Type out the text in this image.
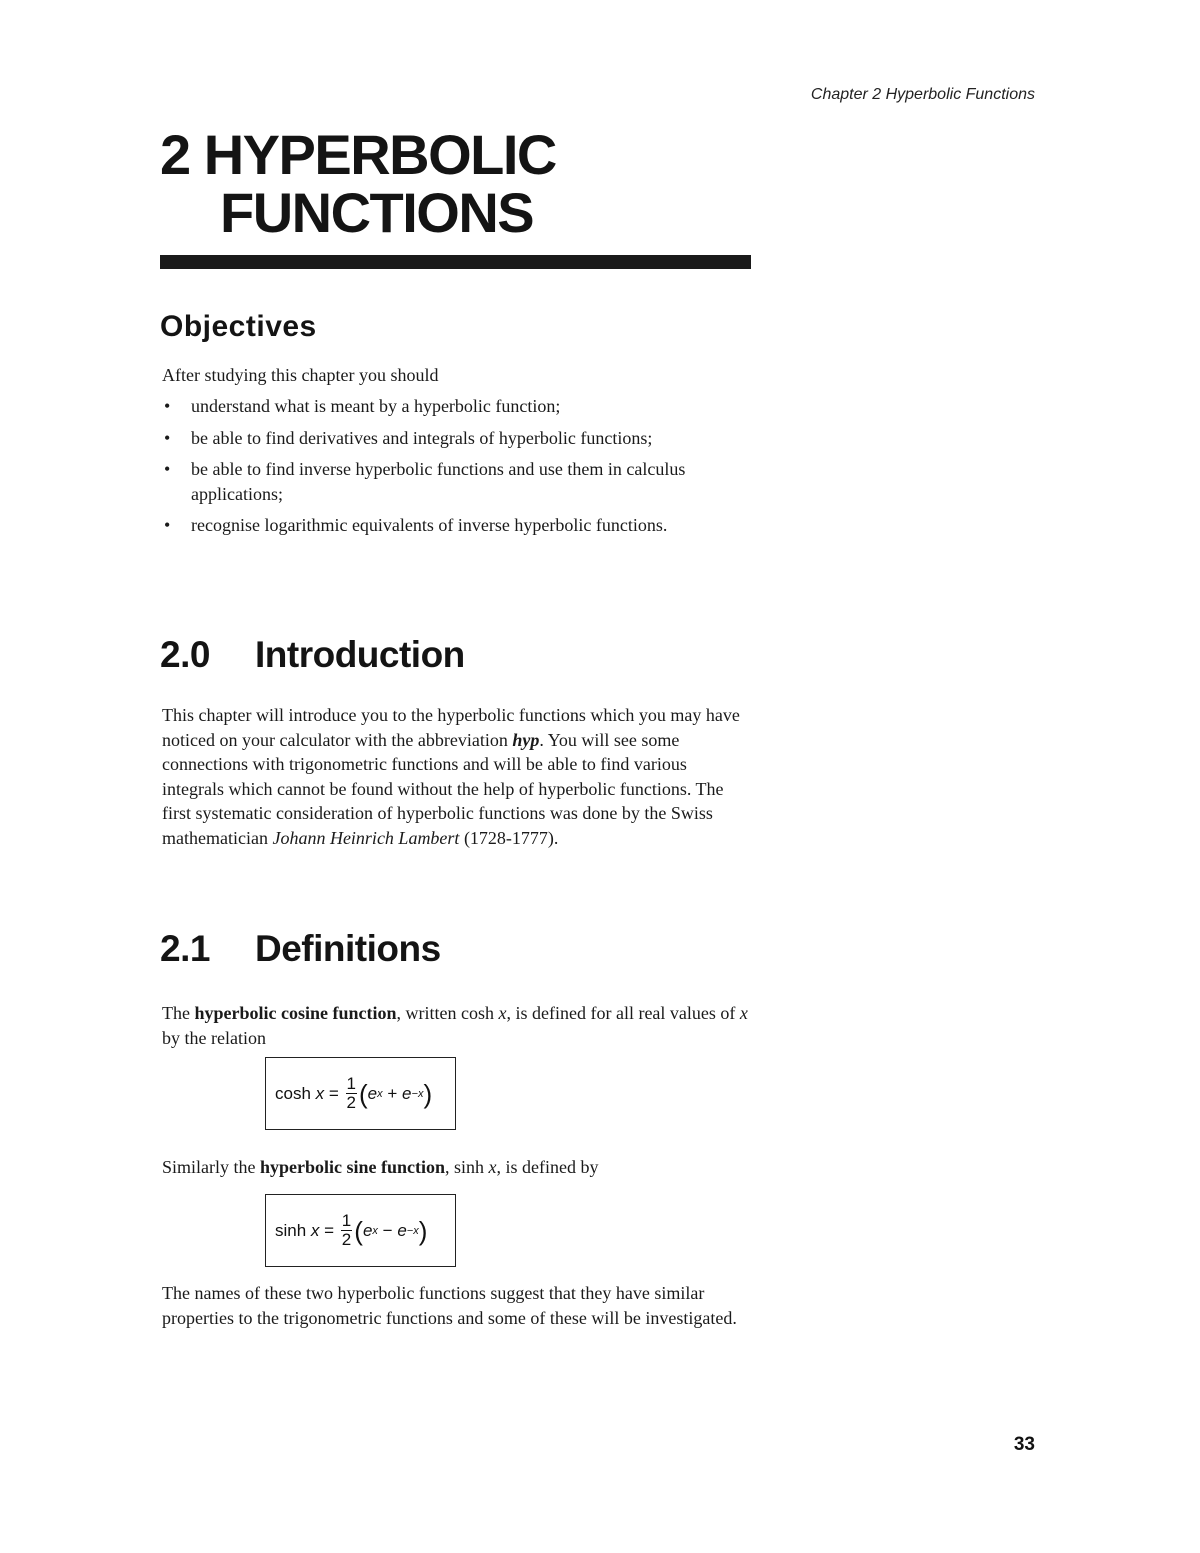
Chapter 2 Hyperbolic Functions
2 HYPERBOLIC
FUNCTIONS
Objectives

After studying this chapter you should

• understand what is meant by a hyperbolic function;
• be able to find derivatives and integrals of hyperbolic functions;
• be able to find inverse hyperbolic functions and use them in calculus applications;
• recognise logarithmic equivalents of inverse hyperbolic functions.
2.0 Introduction

This chapter will introduce you to the hyperbolic functions which you may have noticed on your calculator with the abbreviation hyp. You will see some connections with trigonometric functions and will be able to find various integrals which cannot be found without the help of hyperbolic functions. The first systematic consideration of hyperbolic functions was done by the Swiss mathematician Johann Heinrich Lambert (1728-1777).

2.1 Definitions

The hyperbolic cosine function, written cosh x, is defined for all real values of x by the relation

cosh
$x = \frac{1}{2}$ ( e x
+
e −x )

Similarly the hyperbolic sine function, sinh x, is defined by

sinh
$x = \frac{1}{2}$ ( e x
−
e −x )

The names of these two hyperbolic functions suggest that they have similar properties to the trigonometric functions and some of these will be investigated.

33
